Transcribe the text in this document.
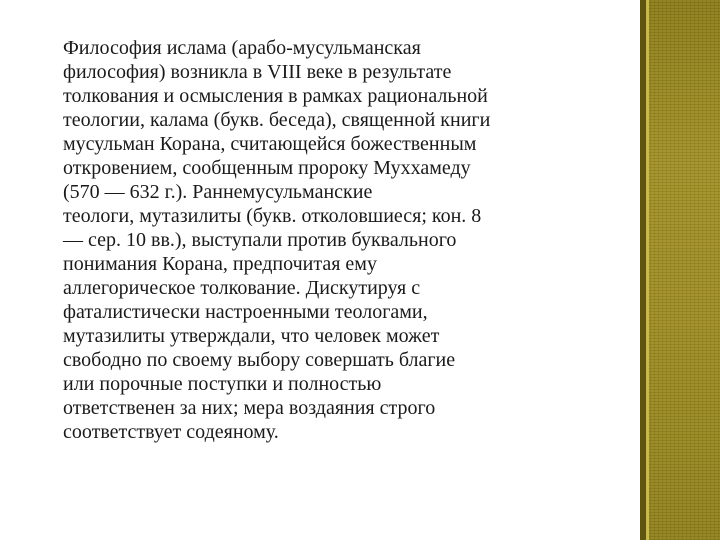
Философия ислама (арабо-мусульманская
философия) возникла в VIII веке в результате
толкования и осмысления в рамках рациональной
теологии, калама (букв. беседа), священной книги
мусульман Корана, считающейся божественным
откровением, сообщенным пророку Муххамеду
(570 — 632 г.). Раннемусульманские
теологи, мутазилиты (букв. отколовшиеся; кон. 8
— сер. 10 вв.), выступали против буквального
понимания Корана, предпочитая ему
аллегорическое толкование. Дискутируя с
фаталистически настроенными теологами,
мутазилиты утверждали, что человек может
свободно по своему выбору совершать благие
или порочные поступки и полностью
ответственен за них; мера воздаяния строго
соответствует содеяному.
